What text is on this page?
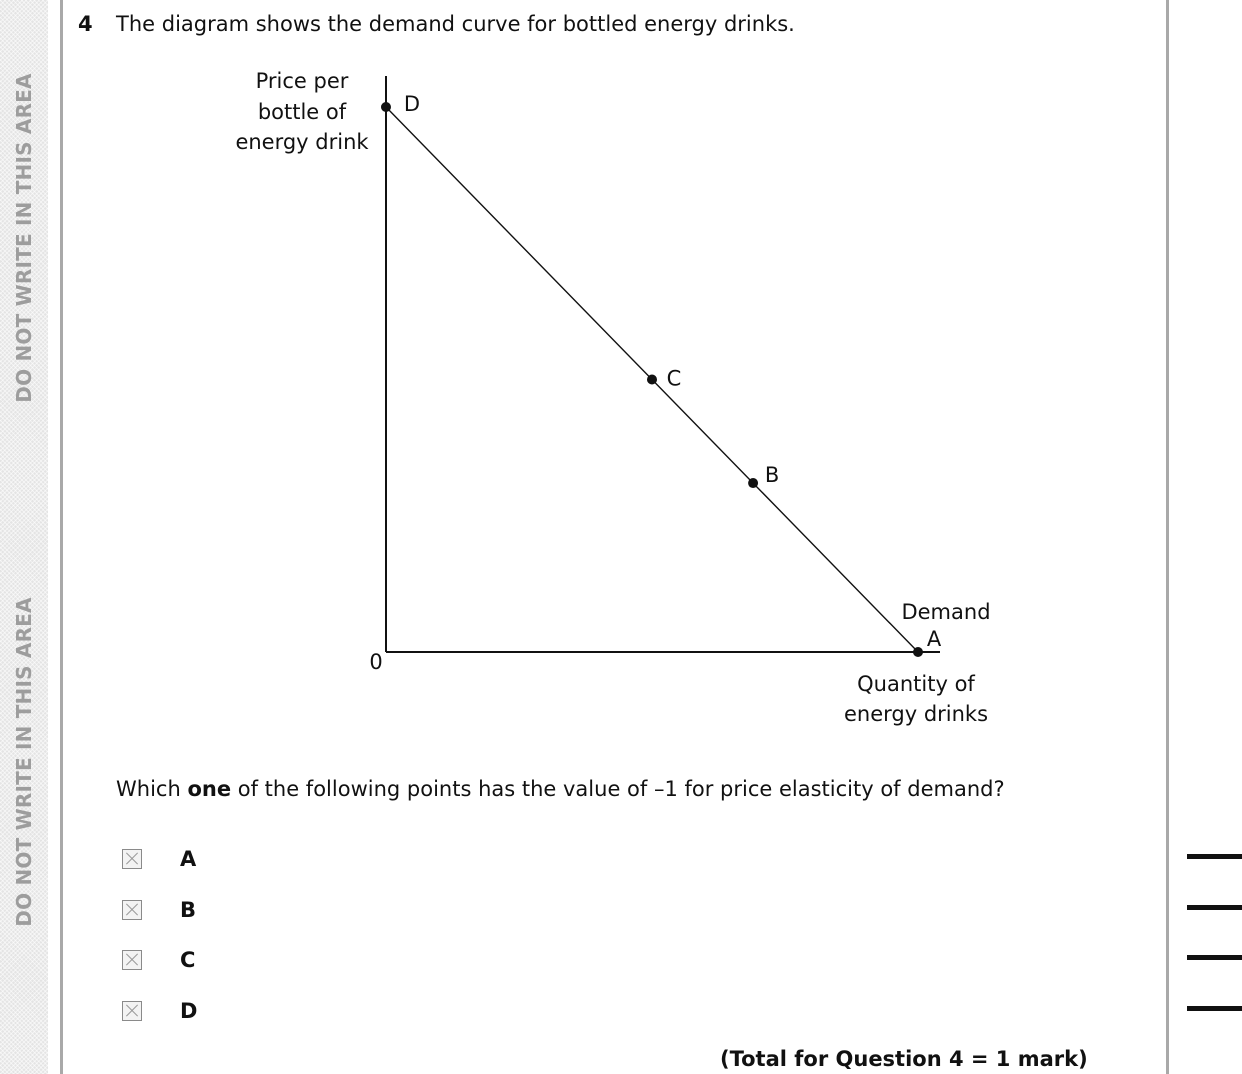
DO NOT WRITE IN THIS AREA
DO NOT WRITE IN THIS AREA
4 The diagram shows the demand curve for bottled energy drinks.
Price per
bottle of
energy drink
0
D
C
B
A
Demand
Quantity of
energy drinks
Which one of the following points has the value of –1 for price elasticity of demand?
A
B
C
D
(Total for Question 4 = 1 mark)
